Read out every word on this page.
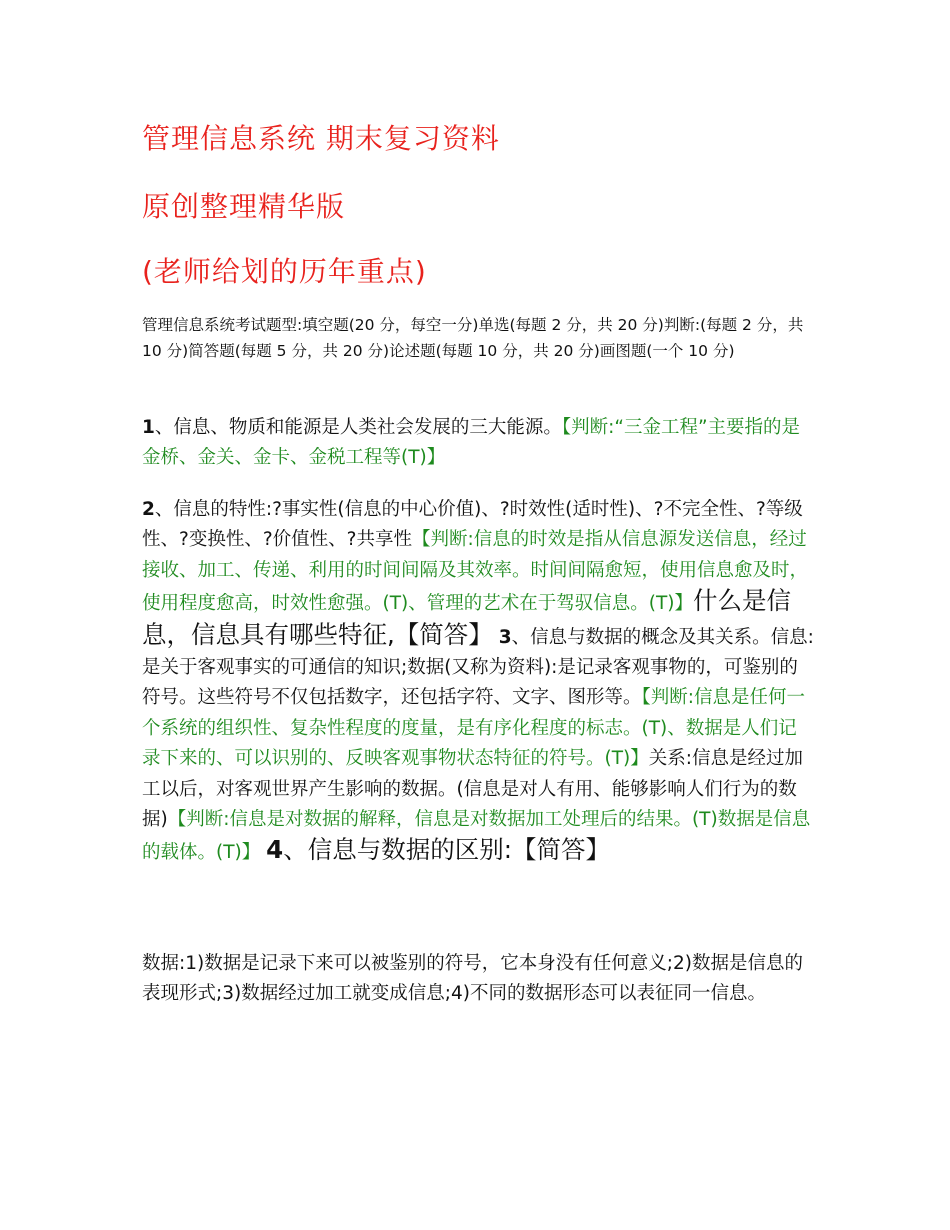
管理信息系统 期末复习资料
原创整理精华版
(老师给划的历年重点)

管理信息系统考试题型:填空题(20 分，每空一分)单选(每题 2 分，共 20 分)判断:(每题 2 分，共 10 分)简答题(每题 5 分，共 20 分)论述题(每题 10 分，共 20 分)画图题(一个 10 分)

1、信息、物质和能源是人类社会发展的三大能源。【判断:“三金工程”主要指的是金桥、金关、金卡、金税工程等(T)】

2、信息的特性:?事实性(信息的中心价值)、?时效性(适时性)、?不完全性、?等级性、?变换性、?价值性、?共享性【判断:信息的时效是指从信息源发送信息，经过接收、加工、传递、利用的时间间隔及其效率。时间间隔愈短，使用信息愈及时，使用程度愈高，时效性愈强。(T)、管理的艺术在于驾驭信息。(T)】什么是信息，信息具有哪些特征,【简答】 3、信息与数据的概念及其关系。信息:是关于客观事实的可通信的知识;数据(又称为资料):是记录客观事物的，可鉴别的符号。这些符号不仅包括数字，还包括字符、文字、图形等。【判断:信息是任何一个系统的组织性、复杂性程度的度量，是有序化程度的标志。(T)、数据是人们记录下来的、可以识别的、反映客观事物状态特征的符号。(T)】关系:信息是经过加工以后，对客观世界产生影响的数据。(信息是对人有用、能够影响人们行为的数据)【判断:信息是对数据的解释，信息是对数据加工处理后的结果。(T)数据是信息的载体。(T)】 4、信息与数据的区别:【简答】

数据:1)数据是记录下来可以被鉴别的符号，它本身没有任何意义;2)数据是信息的表现形式;3)数据经过加工就变成信息;4)不同的数据形态可以表征同一信息。
